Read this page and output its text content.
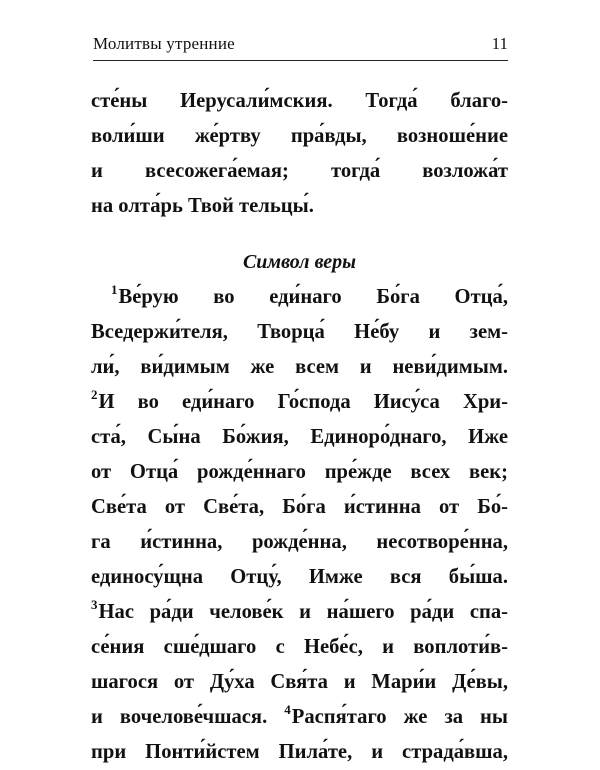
Молитвы утренние	11
сте́ны Иерусали́мския. Тогда́ благо-
воли́ши же́ртву пра́вды, возноше́ние
и всесожега́емая; тогда́ возложа́т
на олта́рь Твой тельцы́.
Символ веры
$^1$Ве́рую во еди́наго Бо́га Отца́,
Вседержи́теля, Творца́ Не́бу и зем-
ли́, ви́димым же всем и неви́димым.
$^2$И во еди́наго Го́спода Иису́са Хри-
ста́, Сы́на Бо́жия, Единоро́днаго, Иже
от Отца́ рожде́ннаго пре́жде всех век;
Све́та от Све́та, Бо́га и́стинна от Бо́-
га и́стинна, рожде́нна, несотворе́нна,
единосу́щна Отцу́, Имже вся бы́ша.
$^3$Нас ра́ди челове́к и на́шего ра́ди спа-
се́ния сше́дшаго с Небе́с, и воплоти́в-
шагося от Ду́ха Свя́та и Мари́и Де́вы,
и вочелове́чшася. $^4$Распя́таго же за ны
при Понти́йстем Пила́те, и страда́вша,
